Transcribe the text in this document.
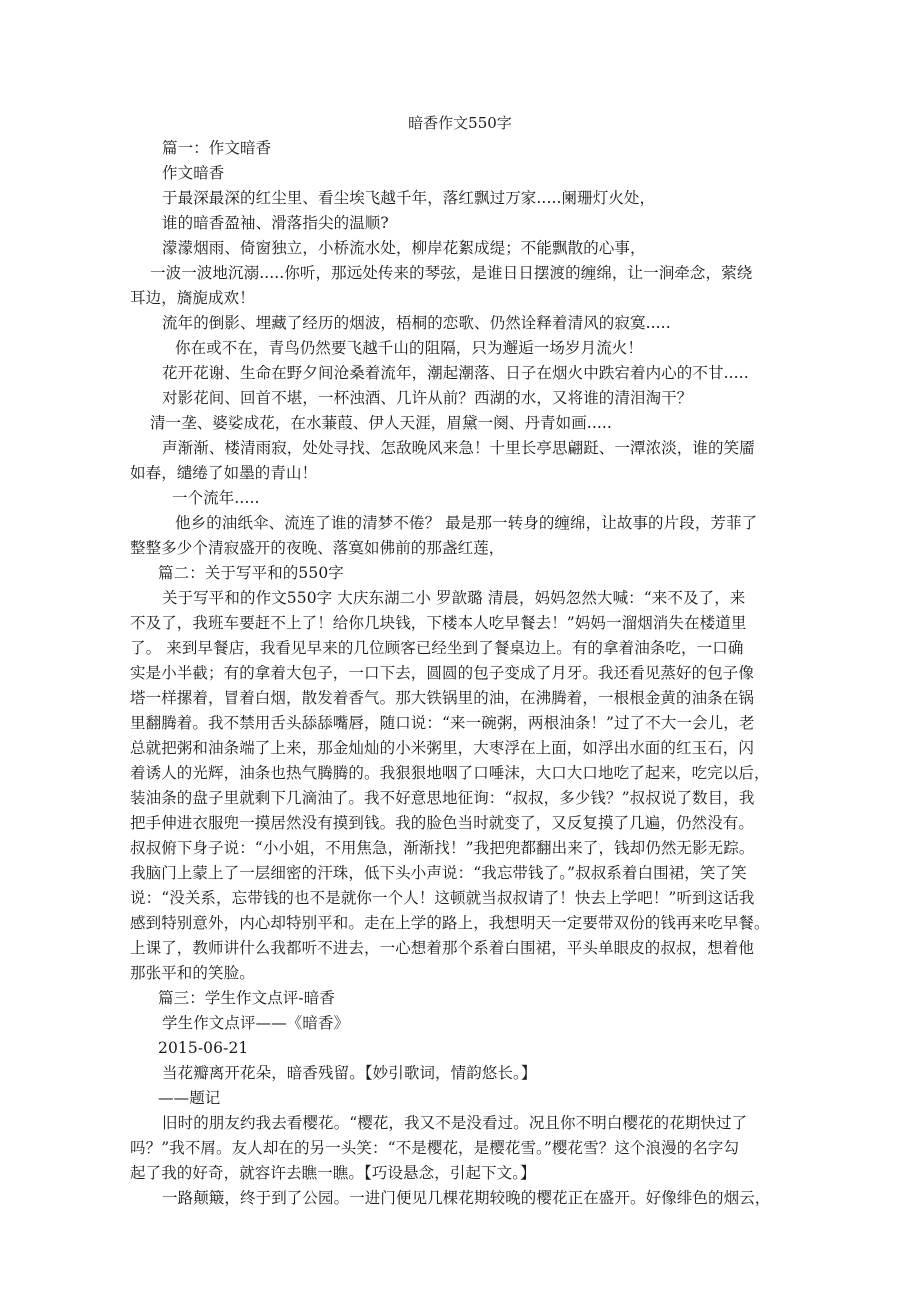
暗香作文550字
篇一：作文暗香
作文暗香
于最深最深的红尘里、看尘埃飞越千年，落红飘过万家.....阑珊灯火处，
谁的暗香盈袖、滑落指尖的温顺?
濛濛烟雨、倚窗独立，小桥流水处，柳岸花絮成缇；不能飘散的心事，
一波一波地沉溺.....你听，那远处传来的琴弦，是谁日日摆渡的缠绵，让一涧牵念，萦绕
耳边，旖旎成欢！
流年的倒影、埋藏了经历的烟波，梧桐的恋歌、仍然诠释着清风的寂寞.....
你在或不在，青鸟仍然要飞越千山的阻隔，只为邂逅一场岁月流火！
花开花谢、生命在野夕间沧桑着流年，潮起潮落、日子在烟火中跌宕着内心的不甘.....
对影花间、回首不堪，一杯浊酒、几许从前？西湖的水，又将谁的清泪淘干？
清一垄、婆娑成花，在水蒹葭、伊人天涯，眉黛一阕、丹青如画.....
声渐渐、楼清雨寂，处处寻找、怎敌晚风来急！十里长亭思翩跹、一潭浓淡，谁的笑靥
如春，缱绻了如墨的青山！
一个流年.....
他乡的油纸伞、流连了谁的清梦不倦？ 最是那一转身的缠绵，让故事的片段，芳菲了
整整多少个清寂盛开的夜晚、落寞如佛前的那盏红莲，
篇二：关于写平和的550字
关于写平和的作文550字 大庆东湖二小 罗歆璐 清晨，妈妈忽然大喊：“来不及了，来
不及了，我班车要赶不上了！给你几块钱，下楼本人吃早餐去！”妈妈一溜烟消失在楼道里
了。 来到早餐店，我看见早来的几位顾客已经坐到了餐桌边上。有的拿着油条吃，一口确
实是小半截；有的拿着大包子，一口下去，圆圆的包子变成了月牙。我还看见蒸好的包子像
塔一样摞着，冒着白烟，散发着香气。那大铁锅里的油，在沸腾着，一根根金黄的油条在锅
里翻腾着。我不禁用舌头舔舔嘴唇，随口说：“来一碗粥，两根油条！”过了不大一会儿，老
总就把粥和油条端了上来，那金灿灿的小米粥里，大枣浮在上面，如浮出水面的红玉石，闪
着诱人的光辉，油条也热气腾腾的。我狠狠地咽了口唾沫，大口大口地吃了起来，吃完以后，
装油条的盘子里就剩下几滴油了。我不好意思地征询：“叔叔，多少钱？”叔叔说了数目，我
把手伸进衣服兜一摸居然没有摸到钱。我的脸色当时就变了，又反复摸了几遍，仍然没有。
叔叔俯下身子说：“小小姐，不用焦急，渐渐找！”我把兜都翻出来了，钱却仍然无影无踪。
我脑门上蒙上了一层细密的汗珠，低下头小声说：“我忘带钱了。”叔叔系着白围裙，笑了笑
说：“没关系，忘带钱的也不是就你一个人！这顿就当叔叔请了！快去上学吧！”听到这话我
感到特别意外，内心却特别平和。走在上学的路上，我想明天一定要带双份的钱再来吃早餐。
上课了，教师讲什么我都听不进去，一心想着那个系着白围裙，平头单眼皮的叔叔，想着他
那张平和的笑脸。
篇三：学生作文点评-暗香
学生作文点评——《暗香》
2015-06-21
当花瓣离开花朵，暗香残留。【妙引歌词，情韵悠长。】
——题记
旧时的朋友约我去看樱花。“樱花，我又不是没看过。况且你不明白樱花的花期快过了
吗？”我不屑。友人却在的另一头笑：“不是樱花，是樱花雪。”樱花雪？这个浪漫的名字勾
起了我的好奇，就容许去瞧一瞧。【巧设悬念，引起下文。】
一路颠簸，终于到了公园。一进门便见几棵花期较晚的樱花正在盛开。好像绯色的烟云，
